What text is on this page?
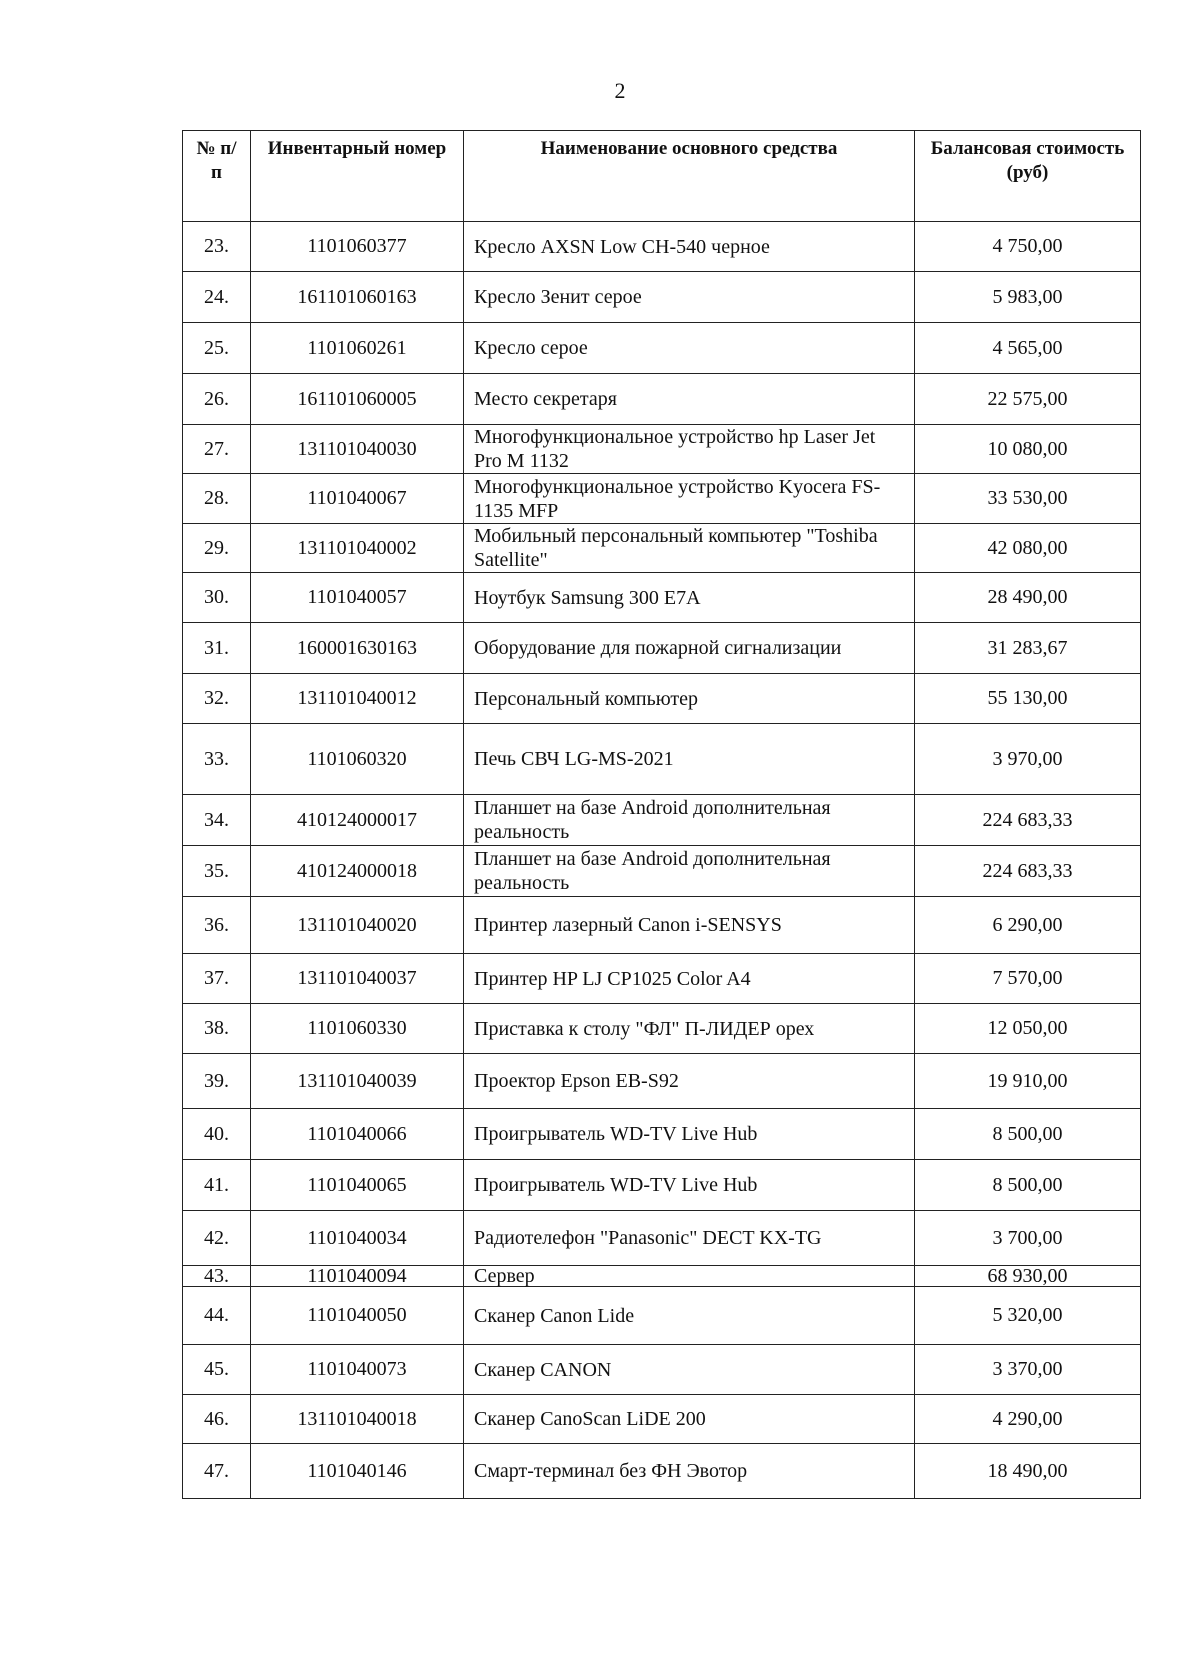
2
№ п/п	Инвентарный номер	Наименование основного средства	Балансовая стоимость (руб)
23.	1101060377	Кресло AXSN Low CH-540 черное	4 750,00
24.	161101060163	Кресло Зенит серое	5 983,00
25.	1101060261	Кресло серое	4 565,00
26.	161101060005	Место секретаря	22 575,00
27.	131101040030	Многофункциональное устройство hp Laser Jet Pro M 1132	10 080,00
28.	1101040067	Многофункциональное устройство Kyocera FS-1135 MFP	33 530,00
29.	131101040002	Мобильный персональный компьютер "Toshiba Satellite"	42 080,00
30.	1101040057	Ноутбук Samsung 300 E7A	28 490,00
31.	160001630163	Оборудование для пожарной сигнализации	31 283,67
32.	131101040012	Персональный компьютер	55 130,00
33.	1101060320	Печь СВЧ LG-MS-2021	3 970,00
34.	410124000017	Планшет на базе Android дополнительная реальность	224 683,33
35.	410124000018	Планшет на базе Android дополнительная реальность	224 683,33
36.	131101040020	Принтер лазерный Canon i-SENSYS	6 290,00
37.	131101040037	Принтер HP LJ CP1025 Color A4	7 570,00
38.	1101060330	Приставка к столу "ФЛ" П-ЛИДЕР орех	12 050,00
39.	131101040039	Проектор Epson EB-S92	19 910,00
40.	1101040066	Проигрыватель WD-TV Live Hub	8 500,00
41.	1101040065	Проигрыватель WD-TV Live Hub	8 500,00
42.	1101040034	Радиотелефон "Panasonic" DECT KX-TG	3 700,00
43.	1101040094	Сервер	68 930,00
44.	1101040050	Сканер Canon Lide	5 320,00
45.	1101040073	Сканер CANON	3 370,00
46.	131101040018	Сканер CanoScan LiDE 200	4 290,00
47.	1101040146	Смарт-терминал без ФН Эвотор	18 490,00
